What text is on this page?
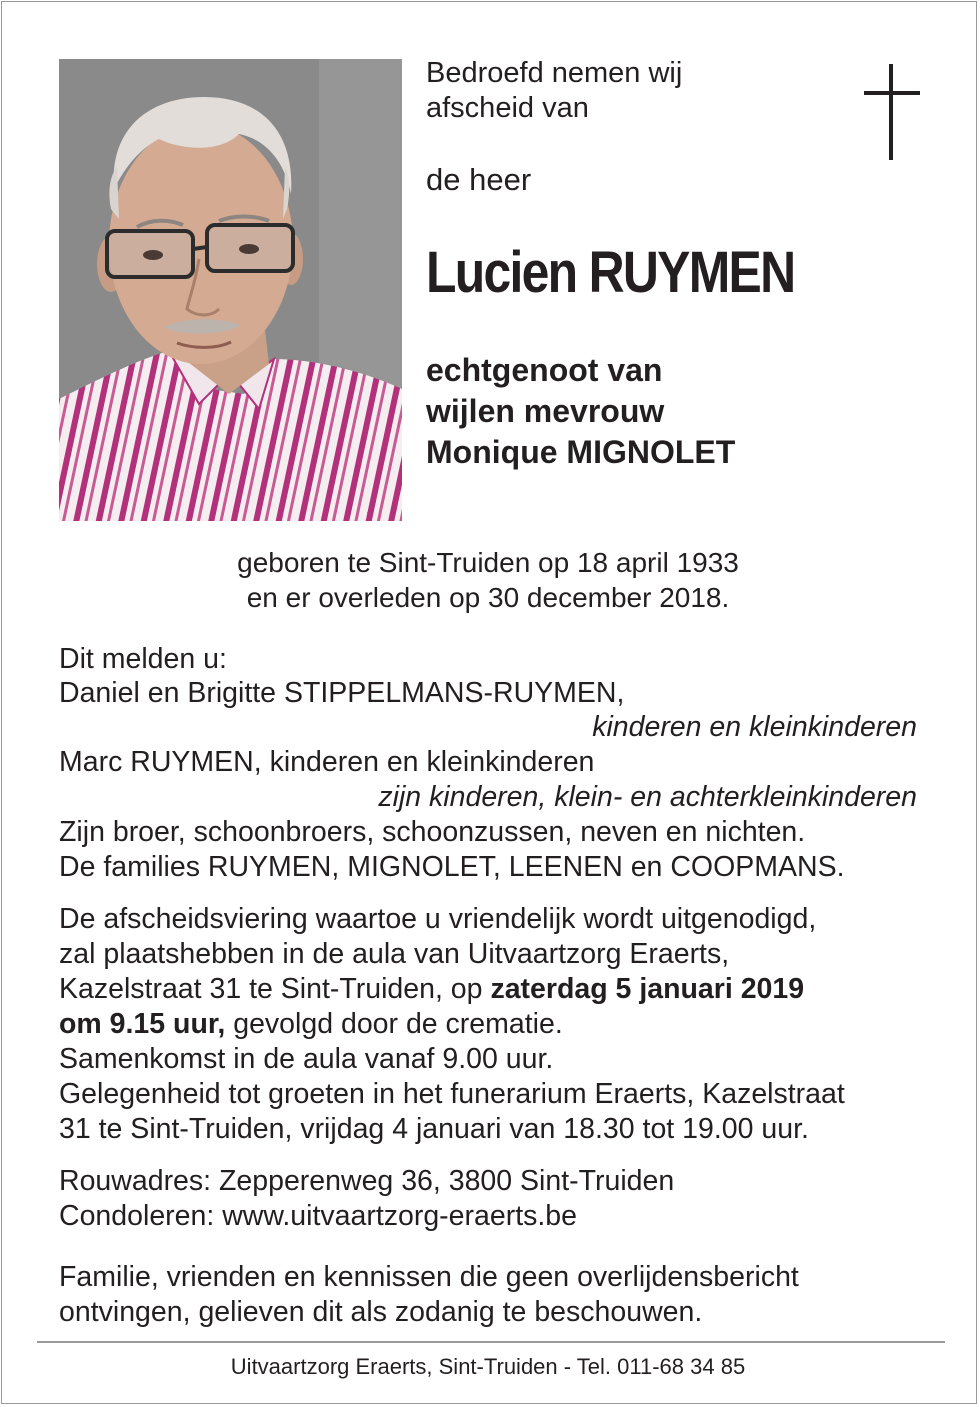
Bedroefd nemen wij
afscheid van
de heer
Lucien RUYMEN
echtgenoot van
wijlen mevrouw
Monique MIGNOLET
geboren te Sint-Truiden op 18 april 1933
en er overleden op 30 december 2018.
Dit melden u:
Daniel en Brigitte STIPPELMANS-RUYMEN,
kinderen en kleinkinderen
Marc RUYMEN, kinderen en kleinkinderen
zijn kinderen, klein- en achterkleinkinderen
Zijn broer, schoonbroers, schoonzussen, neven en nichten.
De families RUYMEN, MIGNOLET, LEENEN en COOPMANS.
De afscheidsviering waartoe u vriendelijk wordt uitgenodigd,
zal plaatshebben in de aula van Uitvaartzorg Eraerts,
Kazelstraat 31 te Sint-Truiden, op zaterdag 5 januari 2019
om 9.15 uur, gevolgd door de crematie.
Samenkomst in de aula vanaf 9.00 uur.
Gelegenheid tot groeten in het funerarium Eraerts, Kazelstraat
31 te Sint-Truiden, vrijdag 4 januari van 18.30 tot 19.00 uur.
Rouwadres: Zepperenweg 36, 3800 Sint-Truiden
Condoleren: www.uitvaartzorg-eraerts.be
Familie, vrienden en kennissen die geen overlijdensbericht
ontvingen, gelieven dit als zodanig te beschouwen.
Uitvaartzorg Eraerts, Sint-Truiden - Tel. 011-68 34 85
